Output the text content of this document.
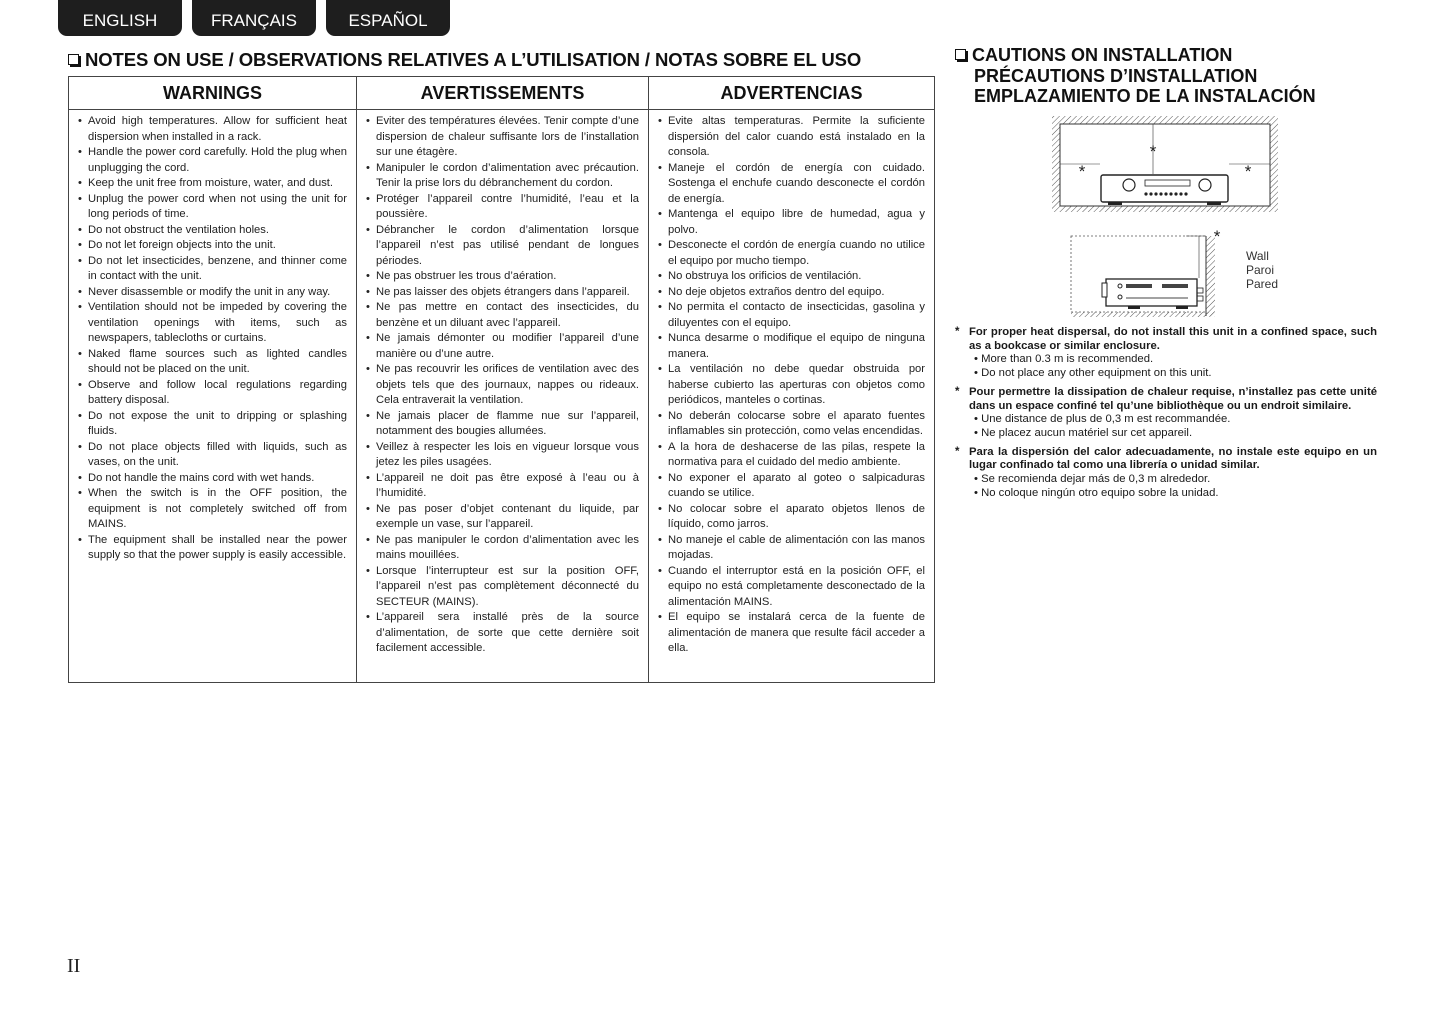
ENGLISH	FRANÇAIS	ESPAÑOL
NOTES ON USE / OBSERVATIONS RELATIVES A L’UTILISATION / NOTAS SOBRE EL USO
WARNINGS
• Avoid high temperatures. Allow for sufficient heat dispersion when installed in a rack.
• Handle the power cord carefully. Hold the plug when unplugging the cord.
• Keep the unit free from moisture, water, and dust.
• Unplug the power cord when not using the unit for long periods of time.
• Do not obstruct the ventilation holes.
• Do not let foreign objects into the unit.
• Do not let insecticides, benzene, and thinner come in contact with the unit.
• Never disassemble or modify the unit in any way.
• Ventilation should not be impeded by covering the ventilation openings with items, such as newspapers, tablecloths or curtains.
• Naked flame sources such as lighted candles should not be placed on the unit.
• Observe and follow local regulations regarding battery disposal.
• Do not expose the unit to dripping or splashing fluids.
• Do not place objects filled with liquids, such as vases, on the unit.
• Do not handle the mains cord with wet hands.
• When the switch is in the OFF position, the equipment is not completely switched off from MAINS.
• The equipment shall be installed near the power supply so that the power supply is easily accessible.
AVERTISSEMENTS
• Eviter des températures élevées. Tenir compte d’une dispersion de chaleur suffisante lors de l’installation sur une étagère.
• Manipuler le cordon d’alimentation avec précaution. Tenir la prise lors du débranchement du cordon.
• Protéger l’appareil contre l’humidité, l’eau et la poussière.
• Débrancher le cordon d’alimentation lorsque l’appareil n’est pas utilisé pendant de longues périodes.
• Ne pas obstruer les trous d’aération.
• Ne pas laisser des objets étrangers dans l’appareil.
• Ne pas mettre en contact des insecticides, du benzène et un diluant avec l’appareil.
• Ne jamais démonter ou modifier l’appareil d’une manière ou d’une autre.
• Ne pas recouvrir les orifices de ventilation avec des objets tels que des journaux, nappes ou rideaux. Cela entraverait la ventilation.
• Ne jamais placer de flamme nue sur l’appareil, notamment des bougies allumées.
• Veillez à respecter les lois en vigueur lorsque vous jetez les piles usagées.
• L’appareil ne doit pas être exposé à l’eau ou à l’humidité.
• Ne pas poser d’objet contenant du liquide, par exemple un vase, sur l’appareil.
• Ne pas manipuler le cordon d’alimentation avec les mains mouillées.
• Lorsque l’interrupteur est sur la position OFF, l’appareil n’est pas complètement déconnecté du SECTEUR (MAINS).
• L’appareil sera installé près de la source d’alimentation, de sorte que cette dernière soit facilement accessible.
ADVERTENCIAS
• Evite altas temperaturas. Permite la suficiente dispersión del calor cuando está instalado en la consola.
• Maneje el cordón de energía con cuidado. Sostenga el enchufe cuando desconecte el cordón de energía.
• Mantenga el equipo libre de humedad, agua y polvo.
• Desconecte el cordón de energía cuando no utilice el equipo por mucho tiempo.
• No obstruya los orificios de ventilación.
• No deje objetos extraños dentro del equipo.
• No permita el contacto de insecticidas, gasolina y diluyentes con el equipo.
• Nunca desarme o modifique el equipo de ninguna manera.
• La ventilación no debe quedar obstruida por haberse cubierto las aperturas con objetos como periódicos, manteles o cortinas.
• No deberán colocarse sobre el aparato fuentes inflamables sin protección, como velas encendidas.
• A la hora de deshacerse de las pilas, respete la normativa para el cuidado del medio ambiente.
• No exponer el aparato al goteo o salpicaduras cuando se utilice.
• No colocar sobre el aparato objetos llenos de líquido, como jarros.
• No maneje el cable de alimentación con las manos mojadas.
• Cuando el interruptor está en la posición OFF, el equipo no está completamente desconectado de la alimentación MAINS.
• El equipo se instalará cerca de la fuente de alimentación de manera que resulte fácil acceder a ella.
CAUTIONS ON INSTALLATION
PRÉCAUTIONS D’INSTALLATION
EMPLAZAMIENTO DE LA INSTALACIÓN
*
*	*
*
Wall
Paroi
Pared
* For proper heat dispersal, do not install this unit in a confined space, such as a bookcase or similar enclosure.
• More than 0.3 m is recommended.
• Do not place any other equipment on this unit.
* Pour permettre la dissipation de chaleur requise, n’installez pas cette unité dans un espace confiné tel qu’une bibliothèque ou un endroit similaire.
• Une distance de plus de 0,3 m est recommandée.
• Ne placez aucun matériel sur cet appareil.
* Para la dispersión del calor adecuadamente, no instale este equipo en un lugar confinado tal como una librería o unidad similar.
• Se recomienda dejar más de 0,3 m alrededor.
• No coloque ningún otro equipo sobre la unidad.
II
